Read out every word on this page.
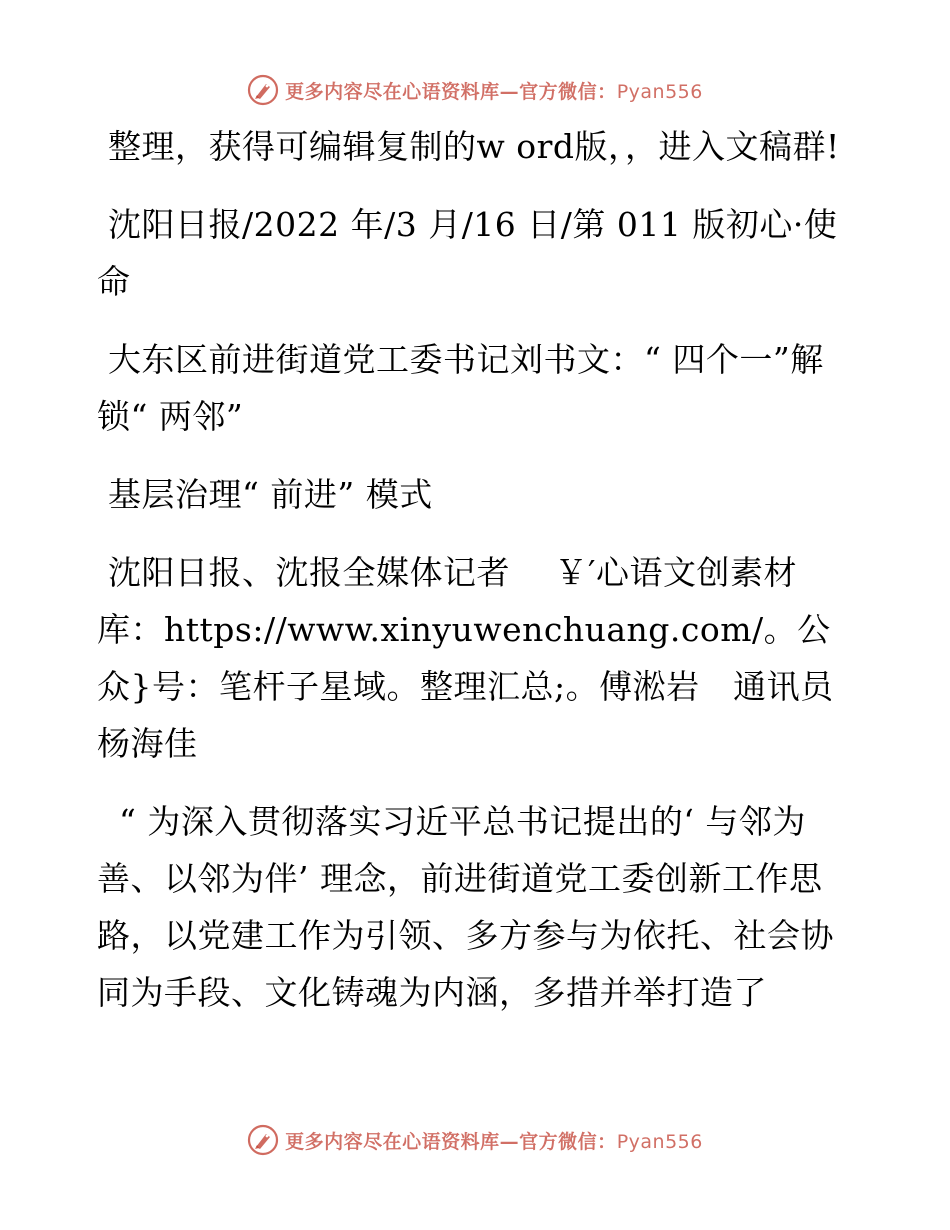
更多内容尽在心语资料库—官方微信：Pyan556

整理，获得可编辑复制的w ord版，，进入文稿群!

沈阳日报/2022 年/3 月/16 日/第 011 版初心·使命

大东区前进街道党工委书记刘书文：“ 四个一”解锁“ 两邻”

基层治理“ 前进” 模式

沈阳日报、沈报全媒体记者　 ￥′心语文创素材库：https://www.xinyuwenchuang.com/。公众}号：笔杆子星域。整理汇总;。傅淞岩　通讯员杨海佳

“ 为深入贯彻落实习近平总书记提出的‘ 与邻为善、以邻为伴’ 理念，前进街道党工委创新工作思路，以党建工作为引领、多方参与为依托、社会协同为手段、文化铸魂为内涵，多措并举打造了

更多内容尽在心语资料库—官方微信：Pyan556
